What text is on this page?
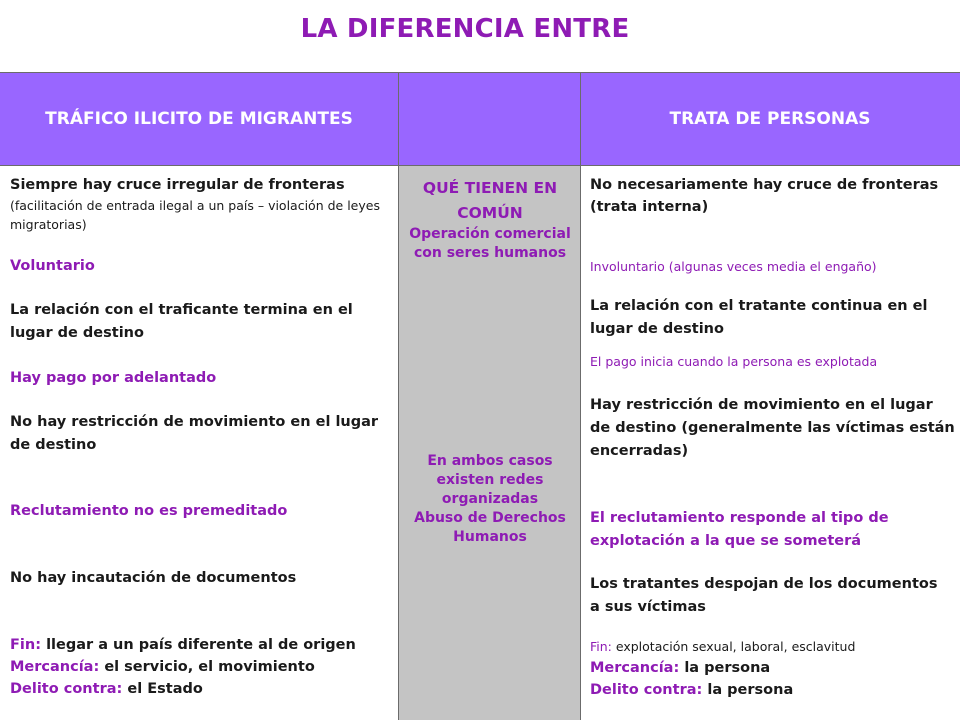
LA DIFERENCIA ENTRE
TRÁFICO ILICITO DE MIGRANTES	TRATA DE PERSONAS
Siempre hay cruce irregular de fronteras
(facilitación de entrada ilegal a un país – violación de leyes migratorias)
Voluntario
La relación con el traficante termina en el lugar de destino
Hay pago por adelantado
No hay restricción de movimiento en el lugar de destino
Reclutamiento no es premeditado
No hay incautación de documentos
Fin: llegar a un país diferente al de origen
Mercancía: el servicio, el movimiento
Delito contra: el Estado
QUÉ TIENEN EN COMÚN
Operación comercial con seres humanos
En ambos casos existen redes organizadas
Abuso de Derechos Humanos
No necesariamente hay cruce de fronteras (trata interna)
Involuntario (algunas veces media el engaño)
La relación con el tratante continua en el lugar de destino
El pago inicia cuando la persona es explotada
Hay restricción de movimiento en el lugar de destino (generalmente las víctimas están encerradas)
El reclutamiento responde al tipo de explotación a la que se someterá
Los tratantes despojan de los documentos a sus víctimas
Fin: explotación sexual, laboral, esclavitud
Mercancía: la persona
Delito contra: la persona
